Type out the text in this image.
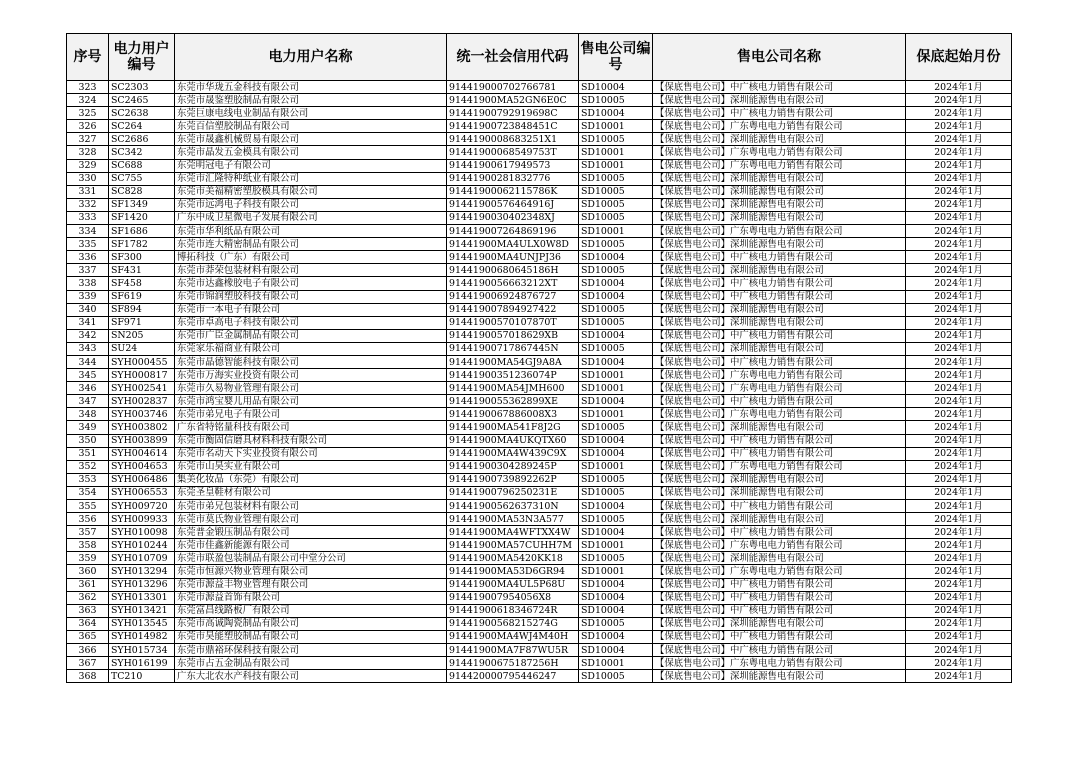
序号	电力用户编号	电力用户名称	统一社会信用代码	售电公司编号	售电公司名称	保底起始月份
323	SC2303	东莞市华珑五金科技有限公司	914419000702766781	SD10004	【保底售电公司】中广核电力销售有限公司	2024年1月
324	SC2465	东莞市晟鉴塑胶制品有限公司	91441900MA52GN6E0C	SD10005	【保底售电公司】深圳能源售电有限公司	2024年1月
325	SC2638	东莞巨康电线电业制品有限公司	91441900792919698C	SD10004	【保底售电公司】中广核电力销售有限公司	2024年1月
326	SC264	东莞百信塑胶制品有限公司	91441900723848451C	SD10001	【保底售电公司】广东粤电电力销售有限公司	2024年1月
327	SC2686	东莞市晟鑫机械贸易有限公司	9144190008683251X1	SD10005	【保底售电公司】深圳能源售电有限公司	2024年1月
328	SC342	东莞市晶发五金模具有限公司	91441900068549753T	SD10001	【保底售电公司】广东粤电电力销售有限公司	2024年1月
329	SC688	东莞明冠电子有限公司	91441900617949573	SD10001	【保底售电公司】广东粤电电力销售有限公司	2024年1月
330	SC755	东莞市汇隆特种纸业有限公司	91441900281832776	SD10005	【保底售电公司】深圳能源售电有限公司	2024年1月
331	SC828	东莞市美福精密塑胶模具有限公司	91441900062115786K	SD10005	【保底售电公司】深圳能源售电有限公司	2024年1月
332	SF1349	东莞市远鸿电子科技有限公司	91441900576464916J	SD10005	【保底售电公司】深圳能源售电有限公司	2024年1月
333	SF1420	广东中成卫星微电子发展有限公司	9144190030402348XJ	SD10005	【保底售电公司】深圳能源售电有限公司	2024年1月
334	SF1686	东莞市华利纸品有限公司	914419007264869196	SD10001	【保底售电公司】广东粤电电力销售有限公司	2024年1月
335	SF1782	东莞市连大精密制品有限公司	91441900MA4ULX0W8D	SD10005	【保底售电公司】深圳能源售电有限公司	2024年1月
336	SF300	博拓科技（广东）有限公司	91441900MA4UNJPJ36	SD10004	【保底售电公司】中广核电力销售有限公司	2024年1月
337	SF431	东莞市莽荣包装材料有限公司	91441900680645186H	SD10005	【保底售电公司】深圳能源售电有限公司	2024年1月
338	SF458	东莞市达鑫橡胶电子有限公司	9144190056663212XT	SD10004	【保底售电公司】中广核电力销售有限公司	2024年1月
339	SF619	东莞市锦润塑胶科技有限公司	914419006924876727	SD10004	【保底售电公司】中广核电力销售有限公司	2024年1月
340	SF894	东莞市一本电子有限公司	914419007894927422	SD10005	【保底售电公司】深圳能源售电有限公司	2024年1月
341	SF971	东莞市卓高电子科技有限公司	91441900570107870T	SD10005	【保底售电公司】深圳能源售电有限公司	2024年1月
342	SN205	东莞市广臣金属制品有限公司	9144190057018629XB	SD10004	【保底售电公司】中广核电力销售有限公司	2024年1月
343	SU24	东莞家乐福商业有限公司	91441900717867445N	SD10005	【保底售电公司】深圳能源售电有限公司	2024年1月
344	SYH000455	东莞市晶德智能科技有限公司	91441900MA54GJ9A8A	SD10004	【保底售电公司】中广核电力销售有限公司	2024年1月
345	SYH000817	东莞市万海实业投资有限公司	91441900351236074P	SD10001	【保底售电公司】广东粤电电力销售有限公司	2024年1月
346	SYH002541	东莞市久易物业管理有限公司	91441900MA54JMH600	SD10001	【保底售电公司】广东粤电电力销售有限公司	2024年1月
347	SYH002837	东莞市鸿宝婴儿用品有限公司	9144190055362899XE	SD10004	【保底售电公司】中广核电力销售有限公司	2024年1月
348	SYH003746	东莞市弟兄电子有限公司	9144190067886008X3	SD10001	【保底售电公司】广东粤电电力销售有限公司	2024年1月
349	SYH003802	广东省特铭量科技有限公司	91441900MA541F8J2G	SD10005	【保底售电公司】深圳能源售电有限公司	2024年1月
350	SYH003899	东莞市衡固信磨具材料科技有限公司	91441900MA4UKQTX60	SD10004	【保底售电公司】中广核电力销售有限公司	2024年1月
351	SYH004614	东莞市名动天下实业投资有限公司	91441900MA4W439C9X	SD10004	【保底售电公司】中广核电力销售有限公司	2024年1月
352	SYH004653	东莞市山昊实业有限公司	91441900304289245P	SD10001	【保底售电公司】广东粤电电力销售有限公司	2024年1月
353	SYH006486	集美化妆品（东莞）有限公司	91441900739892262P	SD10005	【保底售电公司】深圳能源售电有限公司	2024年1月
354	SYH006553	东莞圣皇鞋材有限公司	91441900796250231E	SD10005	【保底售电公司】深圳能源售电有限公司	2024年1月
355	SYH009720	东莞市弟兄包装材料有限公司	91441900562637310N	SD10004	【保底售电公司】中广核电力销售有限公司	2024年1月
356	SYH009933	东莞市莫氏物业管理有限公司	91441900MA53N3A577	SD10005	【保底售电公司】深圳能源售电有限公司	2024年1月
357	SYH010098	东莞普金锻压制品有限公司	91441900MA4WFTXX4W	SD10004	【保底售电公司】中广核电力销售有限公司	2024年1月
358	SYH010244	东莞市佳鑫新能源有限公司	91441900MA57CUHH7M	SD10001	【保底售电公司】广东粤电电力销售有限公司	2024年1月
359	SYH010709	东莞市联盈包装制品有限公司中堂分公司	91441900MA5420KK18	SD10005	【保底售电公司】深圳能源售电有限公司	2024年1月
360	SYH013294	东莞市恒源兴物业管理有限公司	91441900MA53D6GR94	SD10001	【保底售电公司】广东粤电电力销售有限公司	2024年1月
361	SYH013296	东莞市源益丰物业管理有限公司	91441900MA4UL5P68U	SD10004	【保底售电公司】中广核电力销售有限公司	2024年1月
362	SYH013301	东莞市源益首饰有限公司	914419007954056X8	SD10004	【保底售电公司】中广核电力销售有限公司	2024年1月
363	SYH013421	东莞富昌线路板厂有限公司	91441900618346724R	SD10004	【保底售电公司】中广核电力销售有限公司	2024年1月
364	SYH013545	东莞市高诚陶瓷制品有限公司	91441900568215274G	SD10005	【保底售电公司】深圳能源售电有限公司	2024年1月
365	SYH014982	东莞市昊能塑胶制品有限公司	91441900MA4WJ4M40H	SD10004	【保底售电公司】中广核电力销售有限公司	2024年1月
366	SYH015734	东莞市鼎裕环保科技有限公司	91441900MA7F87WU5R	SD10004	【保底售电公司】中广核电力销售有限公司	2024年1月
367	SYH016199	东莞市占五金制品有限公司	91441900675187256H	SD10001	【保底售电公司】广东粤电电力销售有限公司	2024年1月
368	TC210	广东大北农水产科技有限公司	914420000795446247	SD10005	【保底售电公司】深圳能源售电有限公司	2024年1月
